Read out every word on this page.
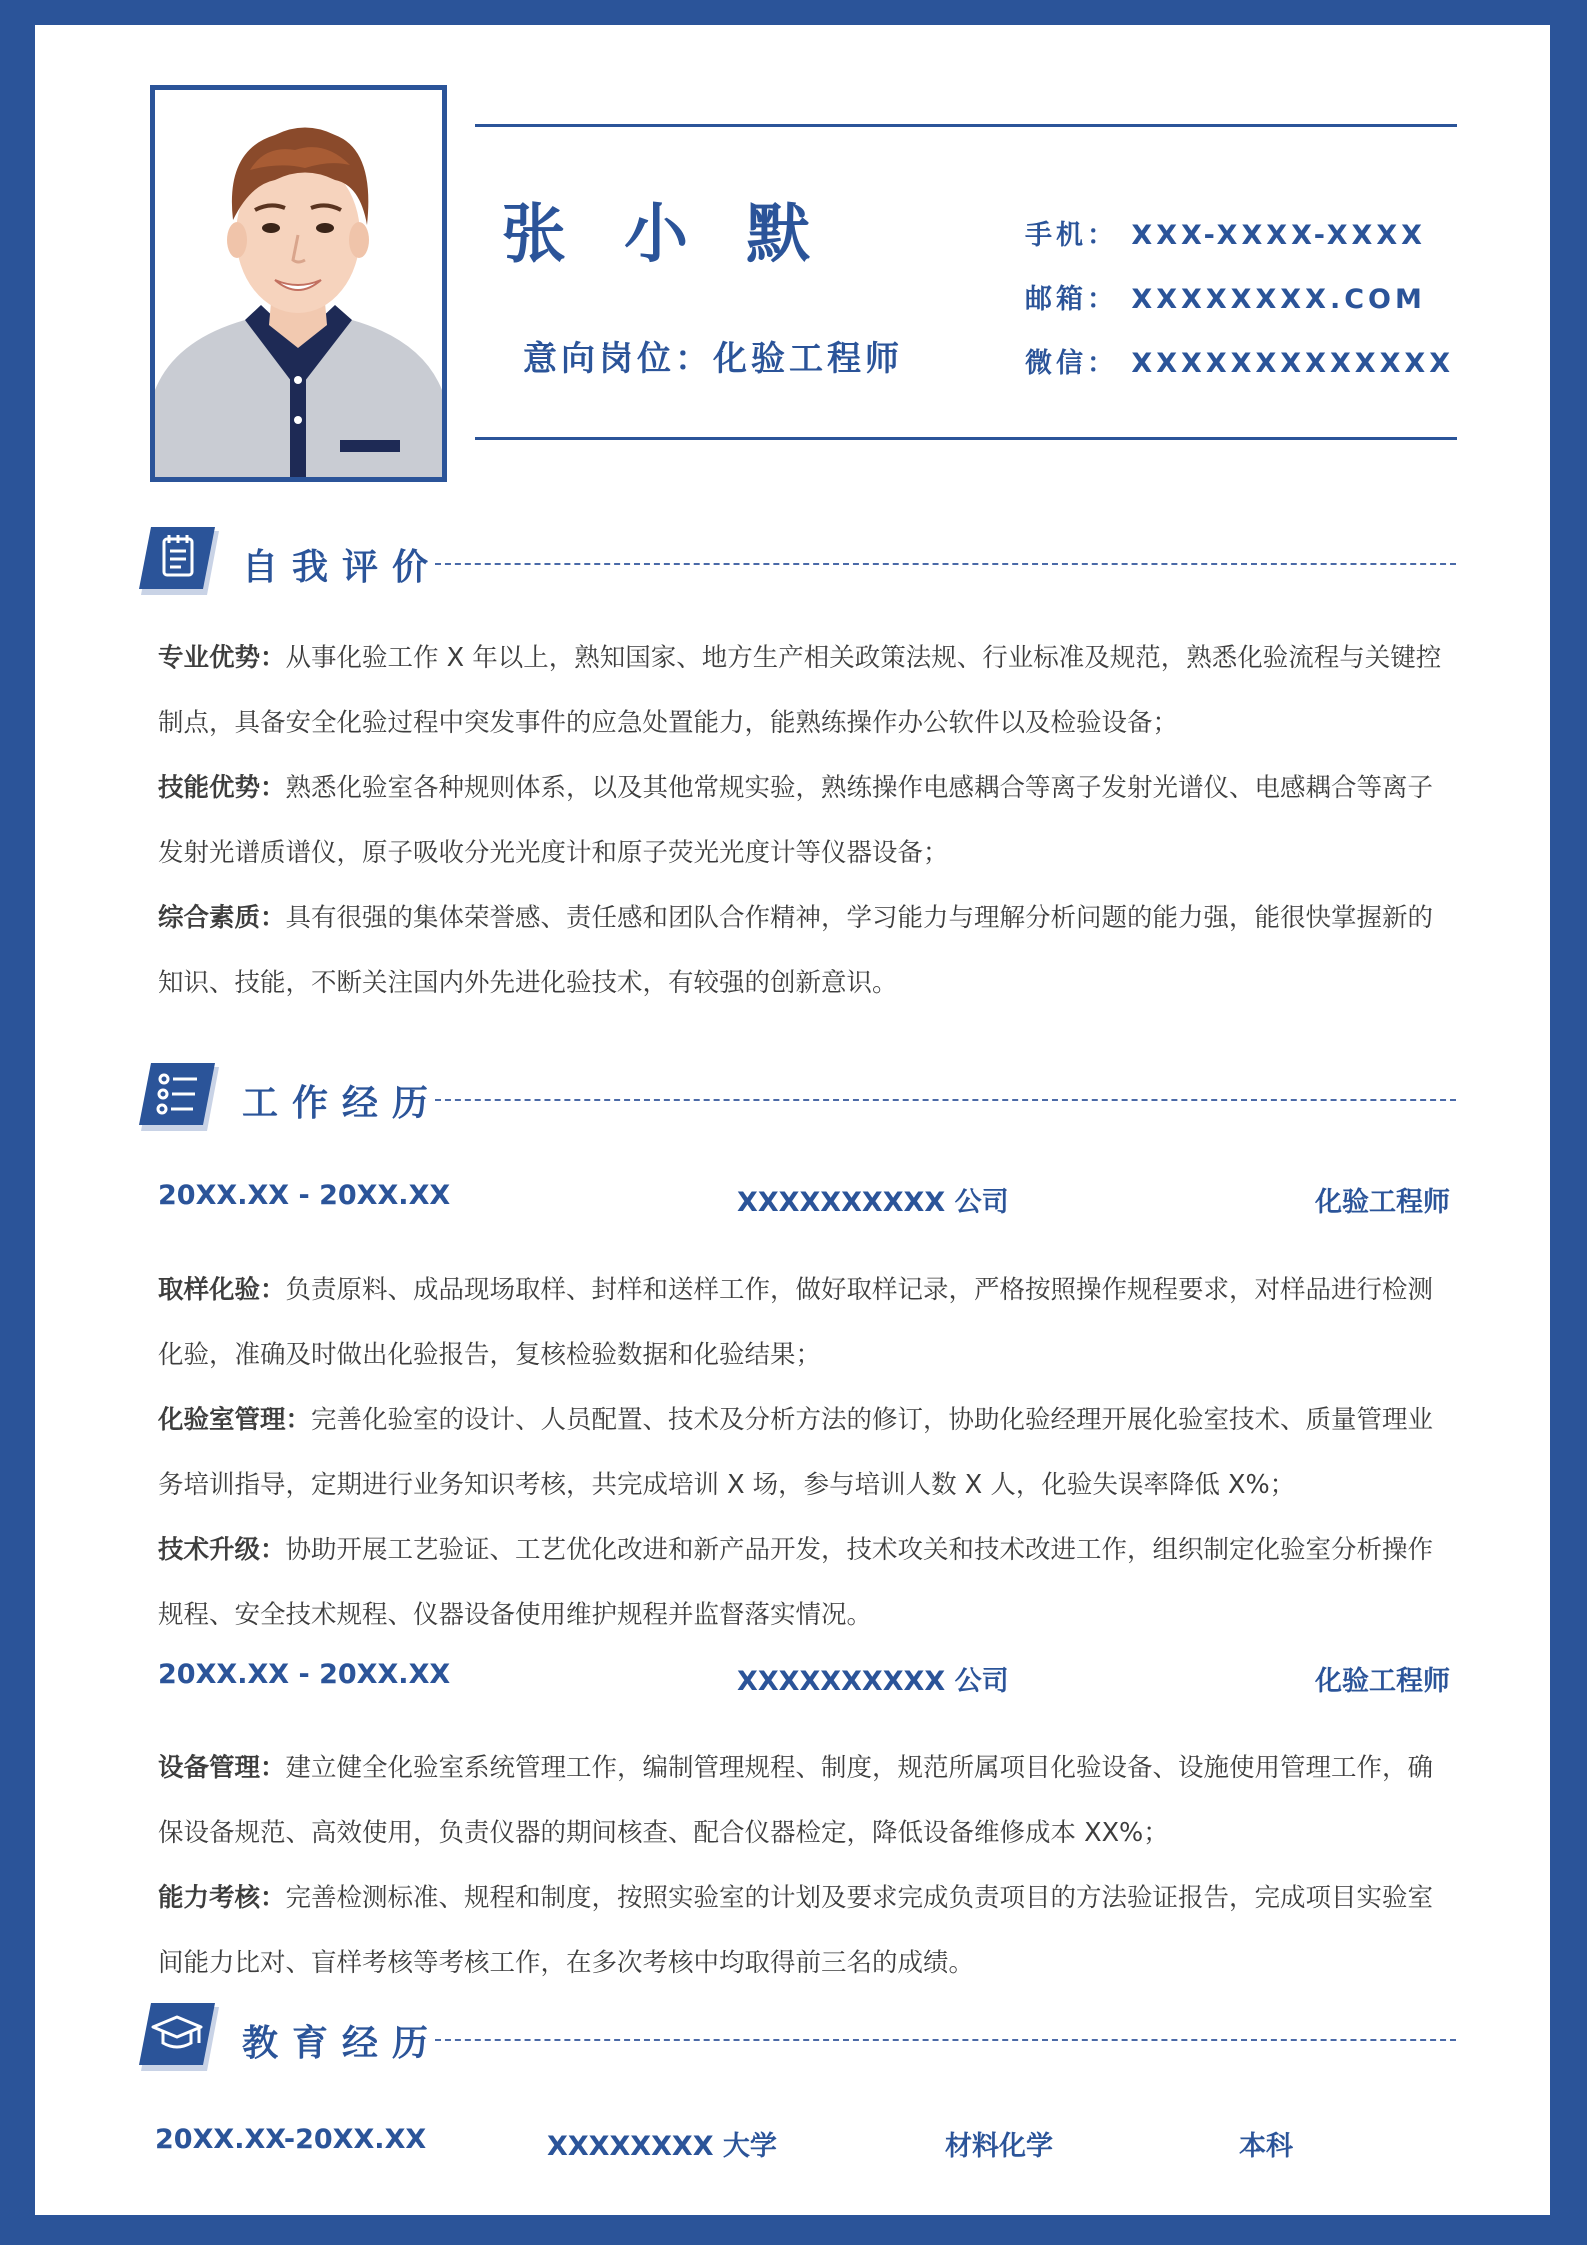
张 小 默
意向岗位：化验工程师
手机： XXX-XXXX-XXXX
邮箱： XXXXXXXX.COM
微信： XXXXXXXXXXXXX
自我评价
专业优势：从事化验工作 X 年以上，熟知国家、地方生产相关政策法规、行业标准及规范，熟悉化验流程与关键控制点，具备安全化验过程中突发事件的应急处置能力，能熟练操作办公软件以及检验设备；
技能优势：熟悉化验室各种规则体系，以及其他常规实验，熟练操作电感耦合等离子发射光谱仪、电感耦合等离子发射光谱质谱仪，原子吸收分光光度计和原子荧光光度计等仪器设备；
综合素质：具有很强的集体荣誉感、责任感和团队合作精神，学习能力与理解分析问题的能力强，能很快掌握新的知识、技能，不断关注国内外先进化验技术，有较强的创新意识。
工作经历
20XX.XX - 20XX.XX	XXXXXXXXXX 公司	化验工程师
取样化验：负责原料、成品现场取样、封样和送样工作，做好取样记录，严格按照操作规程要求，对样品进行检测化验，准确及时做出化验报告，复核检验数据和化验结果；
化验室管理：完善化验室的设计、人员配置、技术及分析方法的修订，协助化验经理开展化验室技术、质量管理业务培训指导，定期进行业务知识考核，共完成培训 X 场，参与培训人数 X 人，化验失误率降低 X%；
技术升级：协助开展工艺验证、工艺优化改进和新产品开发，技术攻关和技术改进工作，组织制定化验室分析操作规程、安全技术规程、仪器设备使用维护规程并监督落实情况。
20XX.XX - 20XX.XX	XXXXXXXXXX 公司	化验工程师
设备管理：建立健全化验室系统管理工作，编制管理规程、制度，规范所属项目化验设备、设施使用管理工作，确保设备规范、高效使用，负责仪器的期间核查、配合仪器检定，降低设备维修成本 XX%；
能力考核：完善检测标准、规程和制度，按照实验室的计划及要求完成负责项目的方法验证报告，完成项目实验室间能力比对、盲样考核等考核工作，在多次考核中均取得前三名的成绩。
教育经历
20XX.XX-20XX.XX	XXXXXXXX 大学	材料化学	本科
